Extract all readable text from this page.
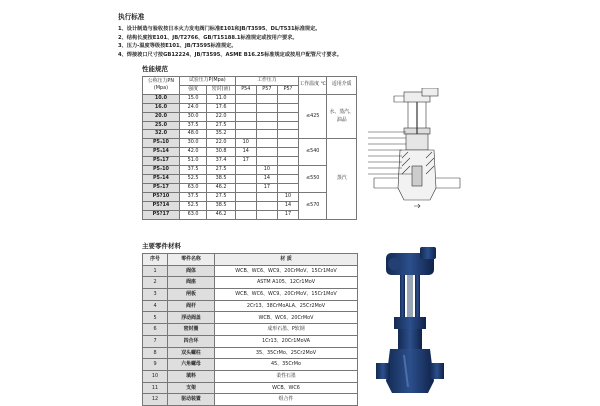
执行标准
1、设计制造与验收按日本火力发电阀门标准E101和JB/T3595、DL/T531标准规定。
2、结构长度按E101、JB/T2766、GB/T15188.1标准规定或按用户要求。
3、压力-温度等级按E101、JB/T3595标准规定。
4、焊接坡口尺寸按GB12224、JB/T3595、ASME B16.25标准规定或按用户配管尺寸要求。
性能规范
公称压力PN (Mpa)	试验压力P(Mpa)		工作压力			工作温度 ℃	适用介质
	强度	密封(液)	P54	P57	P5?		
10.0	15.0	11.0				≤425	水、蒸汽、油品
16.0	24.0	17.6					
20.0	30.0	22.0					
25.0	37.5	27.5					
32.0	48.0	35.2					
P5₄10	30.0	22.0	10			≤540	蒸汽
P5₄14	42.0	30.8	14				
P5₄17	51.0	37.4	17				
P5₇10	37.5	27.5		10		≤550	
P5₇14	52.5	38.5		14			
P5₇17	63.0	46.2		17			
P5?10	37.5	27.5			10	≤570	
P5?14	52.5	38.5			14		
P5?17	63.0	46.2			17		
主要零件材料
序号	零件名称	材 质
1	阀体	WCB、WC6、WC9、20CrMoV、15Cr1MoV
2	阀座	ASTM A105、12Cr1MoV
3	闸板	WCB、WC6、WC9、20CrMoV、15Cr1MoV
4	阀杆	2Cr13、38CrMoALA、25Cr2MoV
5	浮动阀盖	WCB、WC6、20CrMoV
6	密封圈	成形石墨、P软钢
7	四合环	1Cr13、20Cr1MoVA
8	双头螺柱	35、35CrMo、25Cr2MoV
9	六角螺母	45、35CrMo
10	填料	柔性石墨
11	支架	WCB、WC6
12	驱动装置	组合件
